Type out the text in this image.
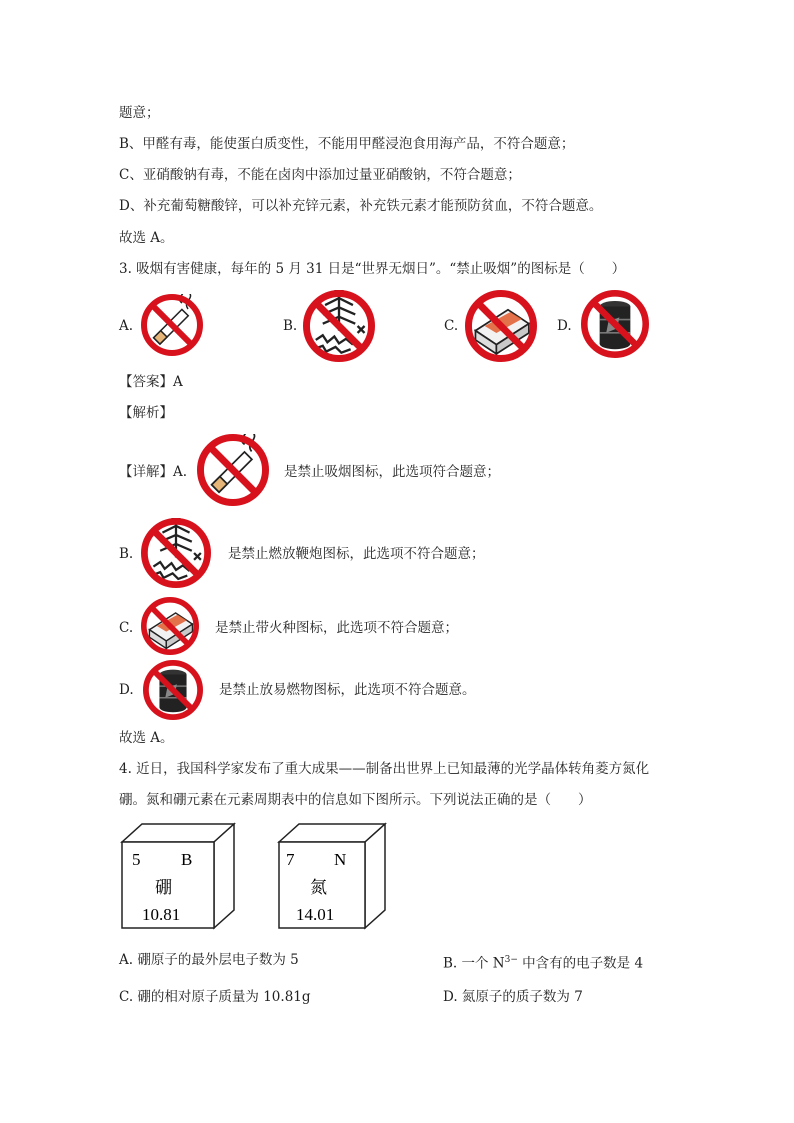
题意；
B、甲醛有毒，能使蛋白质变性，不能用甲醛浸泡食用海产品，不符合题意；
C、亚硝酸钠有毒，不能在卤肉中添加过量亚硝酸钠，不符合题意；
D、补充葡萄糖酸锌，可以补充锌元素，补充铁元素才能预防贫血，不符合题意。
故选 A。
3. 吸烟有害健康，每年的 5 月 31 日是“世界无烟日”。“禁止吸烟”的图标是（　　）
A.	B.	C.	D.
【答案】A
【解析】
【详解】A.	是禁止吸烟图标，此选项符合题意；
B.	是禁止燃放鞭炮图标，此选项不符合题意；
C.	是禁止带火种图标，此选项不符合题意；
D.	是禁止放易燃物图标，此选项不符合题意。
故选 A。
4. 近日，我国科学家发布了重大成果——制备出世界上已知最薄的光学晶体转角菱方氮化
硼。氮和硼元素在元素周期表中的信息如下图所示。下列说法正确的是（　　）
5 B
硼
10.81
7 N
氮
14.01
A. 硼原子的最外层电子数为 5	B. 一个 $N^{3-}$ 中含有的电子数是 4
C. 硼的相对原子质量为 10.81g	D. 氮原子的质子数为 7
